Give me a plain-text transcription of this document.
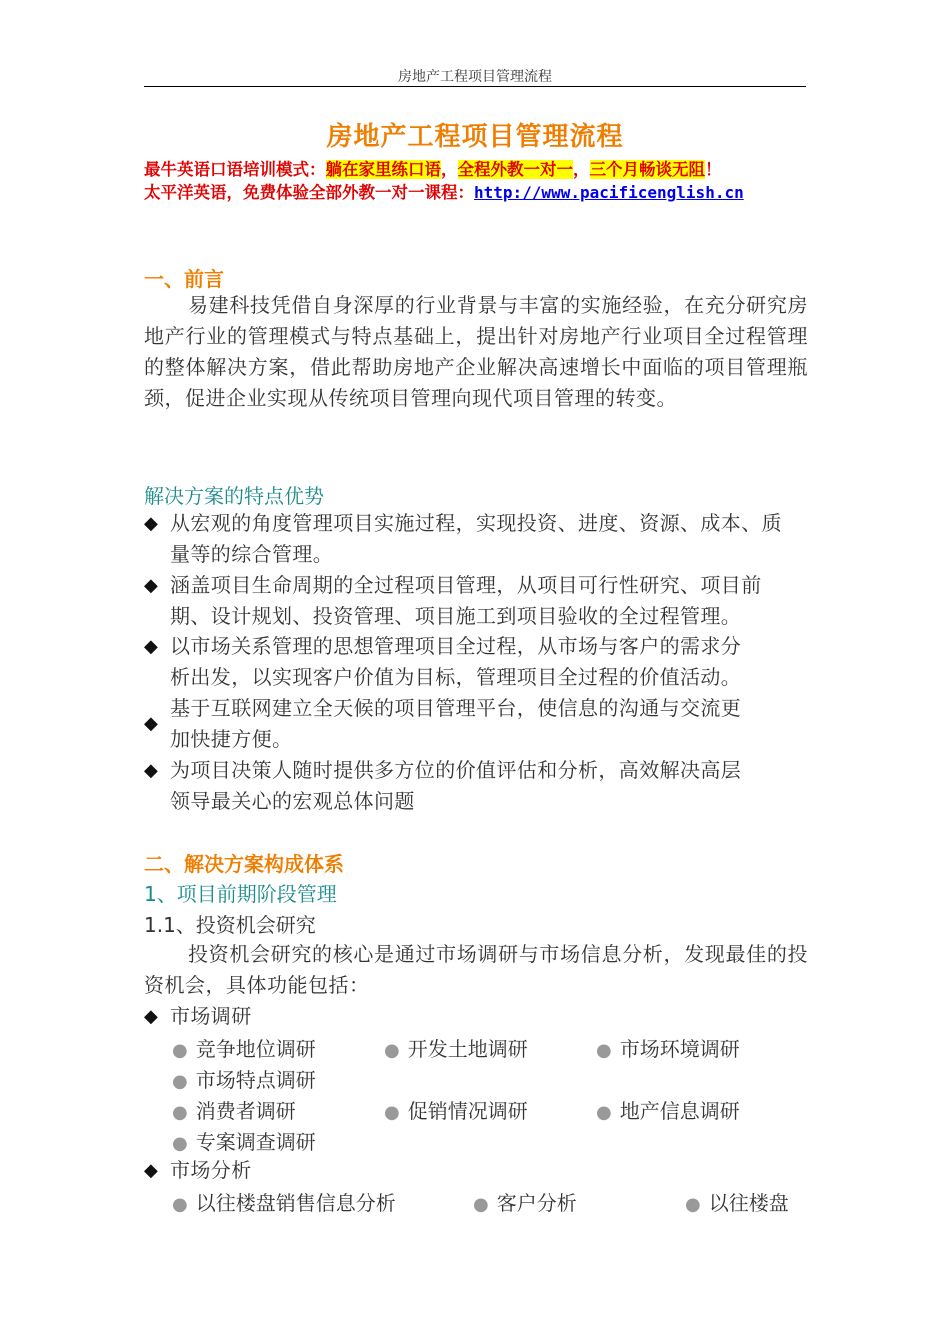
房地产工程项目管理流程
房地产工程项目管理流程
最牛英语口语培训模式：躺在家里练口语，全程外教一对一，三个月畅谈无阻！
太平洋英语，免费体验全部外教一对一课程：http://www.pacificenglish.cn
一、前言
易建科技凭借自身深厚的行业背景与丰富的实施经验，在充分研究房地产行业的管理模式与特点基础上，提出针对房地产行业项目全过程管理的整体解决方案，借此帮助房地产企业解决高速增长中面临的项目管理瓶颈，促进企业实现从传统项目管理向现代项目管理的转变。
解决方案的特点优势
◆ 从宏观的角度管理项目实施过程，实现投资、进度、资源、成本、质
量等的综合管理。
◆ 涵盖项目生命周期的全过程项目管理，从项目可行性研究、项目前
期、设计规划、投资管理、项目施工到项目验收的全过程管理。
◆ 以市场关系管理的思想管理项目全过程，从市场与客户的需求分
析出发，以实现客户价值为目标，管理项目全过程的价值活动。
◆
基于互联网建立全天候的项目管理平台，使信息的沟通与交流更
加快捷方便。
◆ 为项目决策人随时提供多方位的价值评估和分析，高效解决高层
领导最关心的宏观总体问题
二、解决方案构成体系
1、项目前期阶段管理
1.1、投资机会研究
投资机会研究的核心是通过市场调研与市场信息分析，发现最佳的投资机会，具体功能包括：
◆ 市场调研
● 竞争地位调研	● 开发土地调研	● 市场环境调研
● 市场特点调研
● 消费者调研	● 促销情况调研	● 地产信息调研
● 专案调查调研
◆ 市场分析
● 以往楼盘销售信息分析	● 客户分析	● 以往楼盘
